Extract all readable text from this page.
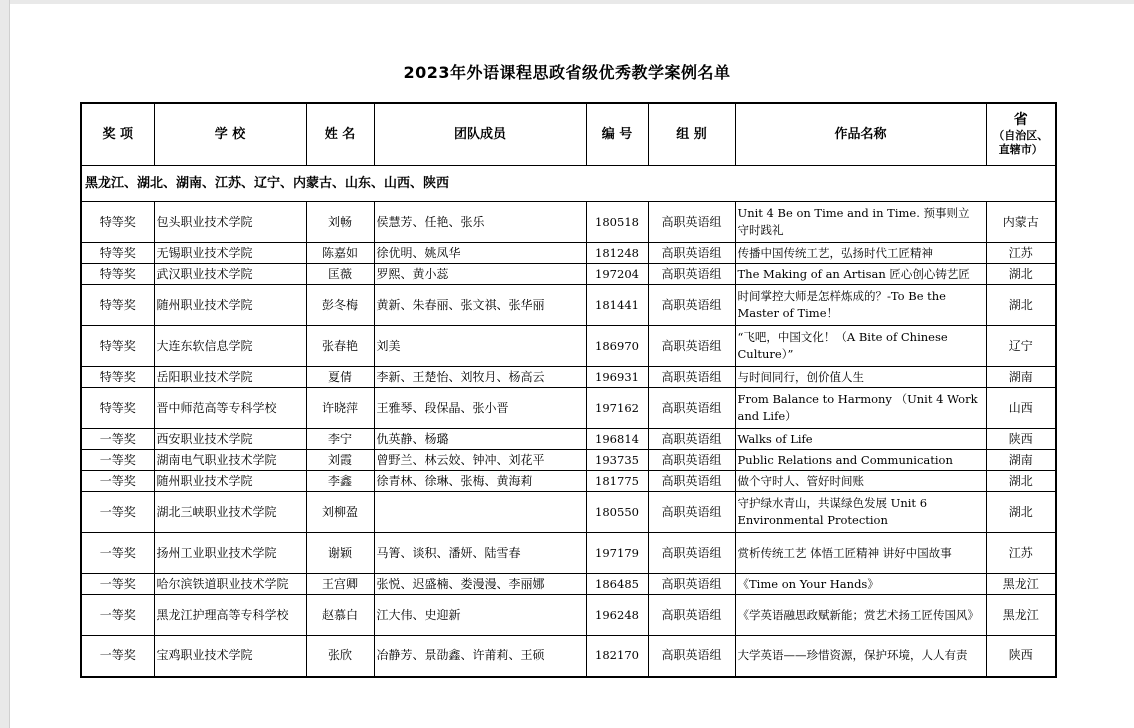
2023年外语课程思政省级优秀教学案例名单
奖 项	学 校	姓 名	团队成员	编 号	组 别	作品名称	省
（自治区、直辖市）
黑龙江、湖北、湖南、江苏、辽宁、内蒙古、山东、山西、陕西							
特等奖	包头职业技术学院	刘畅	侯慧芳、任艳、张乐	180518	高职英语组	Unit 4 Be on Time and in Time. 预事则立 守时践礼	内蒙古
特等奖	无锡职业技术学院	陈嘉如	徐优明、姚凤华	181248	高职英语组	传播中国传统工艺，弘扬时代工匠精神	江苏
特等奖	武汉职业技术学院	匡薇	罗熙、黄小蕊	197204	高职英语组	The Making of an Artisan 匠心创心铸艺匠	湖北
特等奖	随州职业技术学院	彭冬梅	黄新、朱春丽、张文祺、张华丽	181441	高职英语组	时间掌控大师是怎样炼成的？-To Be the Master of Time！	湖北
特等奖	大连东软信息学院	张春艳	刘美	186970	高职英语组	“飞吧，中国文化！（A Bite of Chinese Culture）”	辽宁
特等奖	岳阳职业技术学院	夏倩	李新、王楚怡、刘牧月、杨高云	196931	高职英语组	与时间同行，创价值人生	湖南
特等奖	晋中师范高等专科学校	许晓萍	王雅琴、段保晶、张小晋	197162	高职英语组	From Balance to Harmony （Unit 4 Work and Life）	山西
一等奖	西安职业技术学院	李宁	仇英静、杨璐	196814	高职英语组	Walks of Life	陕西
一等奖	湖南电气职业技术学院	刘霞	曾野兰、林云姣、钟冲、刘花平	193735	高职英语组	Public Relations and Communication	湖南
一等奖	随州职业技术学院	李鑫	徐青林、徐琳、张梅、黄海莉	181775	高职英语组	做个守时人、管好时间账	湖北
一等奖	湖北三峡职业技术学院	刘柳盈		180550	高职英语组	守护绿水青山，共谋绿色发展 Unit 6 Environmental Protection	湖北
一等奖	扬州工业职业技术学院	谢颖	马箐、谈积、潘妍、陆雪春	197179	高职英语组	赏析传统工艺 体悟工匠精神 讲好中国故事	江苏
一等奖	哈尔滨铁道职业技术学院	王宫卿	张悦、迟盛楠、娄漫漫、李丽娜	186485	高职英语组	《Time on Your Hands》	黑龙江
一等奖	黑龙江护理高等专科学校	赵慕白	江大伟、史迎新	196248	高职英语组	《学英语融思政赋新能；赏艺术扬工匠传国风》	黑龙江
一等奖	宝鸡职业技术学院	张欣	冶静芳、景劭鑫、许莆莉、王硕	182170	高职英语组	大学英语——珍惜资源，保护环境，人人有责	陕西
